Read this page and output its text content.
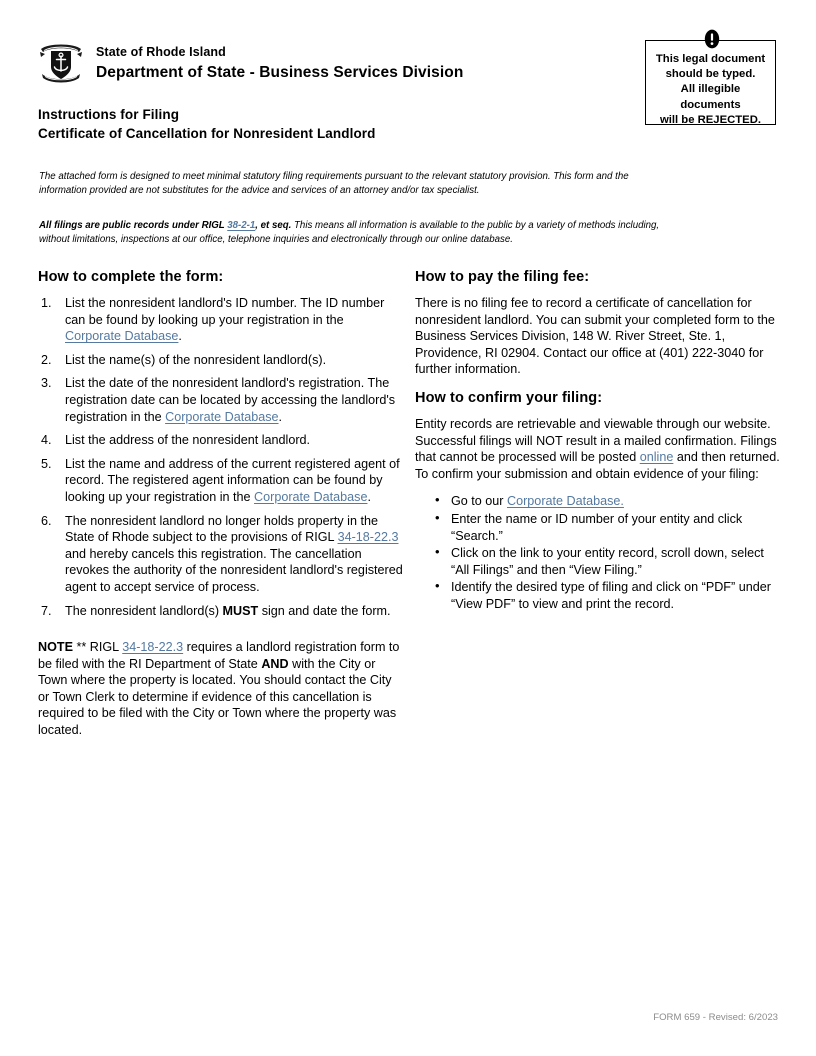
State of Rhode Island
Department of State - Business Services Division
This legal document
should be typed.
All illegible
documents
will be REJECTED.
Instructions for Filing
Certificate of Cancellation for Nonresident Landlord
The attached form is designed to meet minimal statutory filing requirements pursuant to the relevant statutory provision. This form and the information provided are not substitutes for the advice and services of an attorney and/or tax specialist.
All filings are public records under RIGL 38-2-1, et seq. This means all information is available to the public by a variety of methods including, without limitations, inspections at our office, telephone inquiries and electronically through our online database.
How to complete the form:
1.	List the nonresident landlord's ID number. The ID number can be found by looking up your registration in the Corporate Database.
2.	List the name(s) of the nonresident landlord(s).
3.	List the date of the nonresident landlord's registration. The registration date can be located by accessing the landlord's registration in the Corporate Database.
4.	List the address of the nonresident landlord.
5.	List the name and address of the current registered agent of record. The registered agent information can be found by looking up your registration in the Corporate Database.
6.	The nonresident landlord no longer holds property in the State of Rhode subject to the provisions of RIGL 34-18-22.3 and hereby cancels this registration. The cancellation revokes the authority of the nonresident landlord's registered agent to accept service of process.
7.	The nonresident landlord(s) MUST sign and date the form.
NOTE ** RIGL 34-18-22.3 requires a landlord registration form to be filed with the RI Department of State AND with the City or Town where the property is located. You should contact the City or Town Clerk to determine if evidence of this cancellation is required to be filed with the City or Town where the property was located.
How to pay the filing fee:

There is no filing fee to record a certificate of cancellation for nonresident landlord. You can submit your completed form to the Business Services Division, 148 W. River Street, Ste. 1, Providence, RI 02904. Contact our office at (401) 222-3040 for further information.

How to confirm your filing:

Entity records are retrievable and viewable through our website. Successful filings will NOT result in a mailed confirmation. Filings that cannot be processed will be posted online and then returned. To confirm your submission and obtain evidence of your filing:

• Go to our Corporate Database.
• Enter the name or ID number of your entity and click “Search.”
• Click on the link to your entity record, scroll down, select “All Filings” and then “View Filing.”
• Identify the desired type of filing and click on “PDF” under “View PDF” to view and print the record.
FORM 659 - Revised: 6/2023
